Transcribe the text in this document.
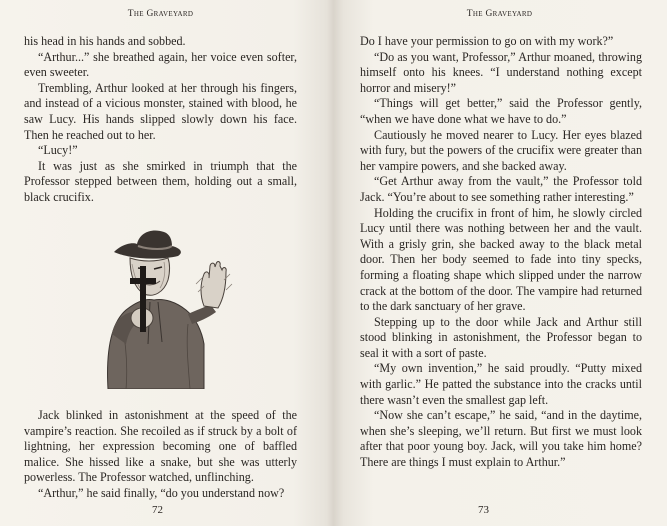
The Graveyard

his head in his hands and sobbed.

“Arthur...” she breathed again, her voice even softer, even sweeter.

Trembling, Arthur looked at her through his fingers, and instead of a vicious monster, stained with blood, he saw Lucy. His hands slipped slowly down his face. Then he reached out to her.

“Lucy!”

It was just as she smirked in triumph that the Professor stepped between them, holding out a small, black crucifix.

Jack blinked in astonishment at the speed of the vampire’s reaction. She recoiled as if struck by a bolt of lightning, her expression becoming one of baffled malice. She hissed like a snake, but she was utterly powerless. The Professor watched, unflinching.

“Arthur,” he said finally, “do you understand now?

72
The Graveyard

Do I have your permission to go on with my work?”

“Do as you want, Professor,” Arthur moaned, throwing himself onto his knees. “I understand nothing except horror and misery!”

“Things will get better,” said the Professor gently, “when we have done what we have to do.”

Cautiously he moved nearer to Lucy. Her eyes blazed with fury, but the powers of the crucifix were greater than her vampire powers, and she backed away.

“Get Arthur away from the vault,” the Professor told Jack. “You’re about to see something rather interesting.”

Holding the crucifix in front of him, he slowly circled Lucy until there was nothing between her and the vault. With a grisly grin, she backed away to the black metal door. Then her body seemed to fade into tiny specks, forming a floating shape which slipped under the narrow crack at the bottom of the door. The vampire had returned to the dark sanctuary of her grave.

Stepping up to the door while Jack and Arthur still stood blinking in astonishment, the Professor began to seal it with a sort of paste.

“My own invention,” he said proudly. “Putty mixed with garlic.” He patted the substance into the cracks until there wasn’t even the smallest gap left.

“Now she can’t escape,” he said, “and in the daytime, when she’s sleeping, we’ll return. But first we must look after that poor young boy. Jack, will you take him home? There are things I must explain to Arthur.”

73
